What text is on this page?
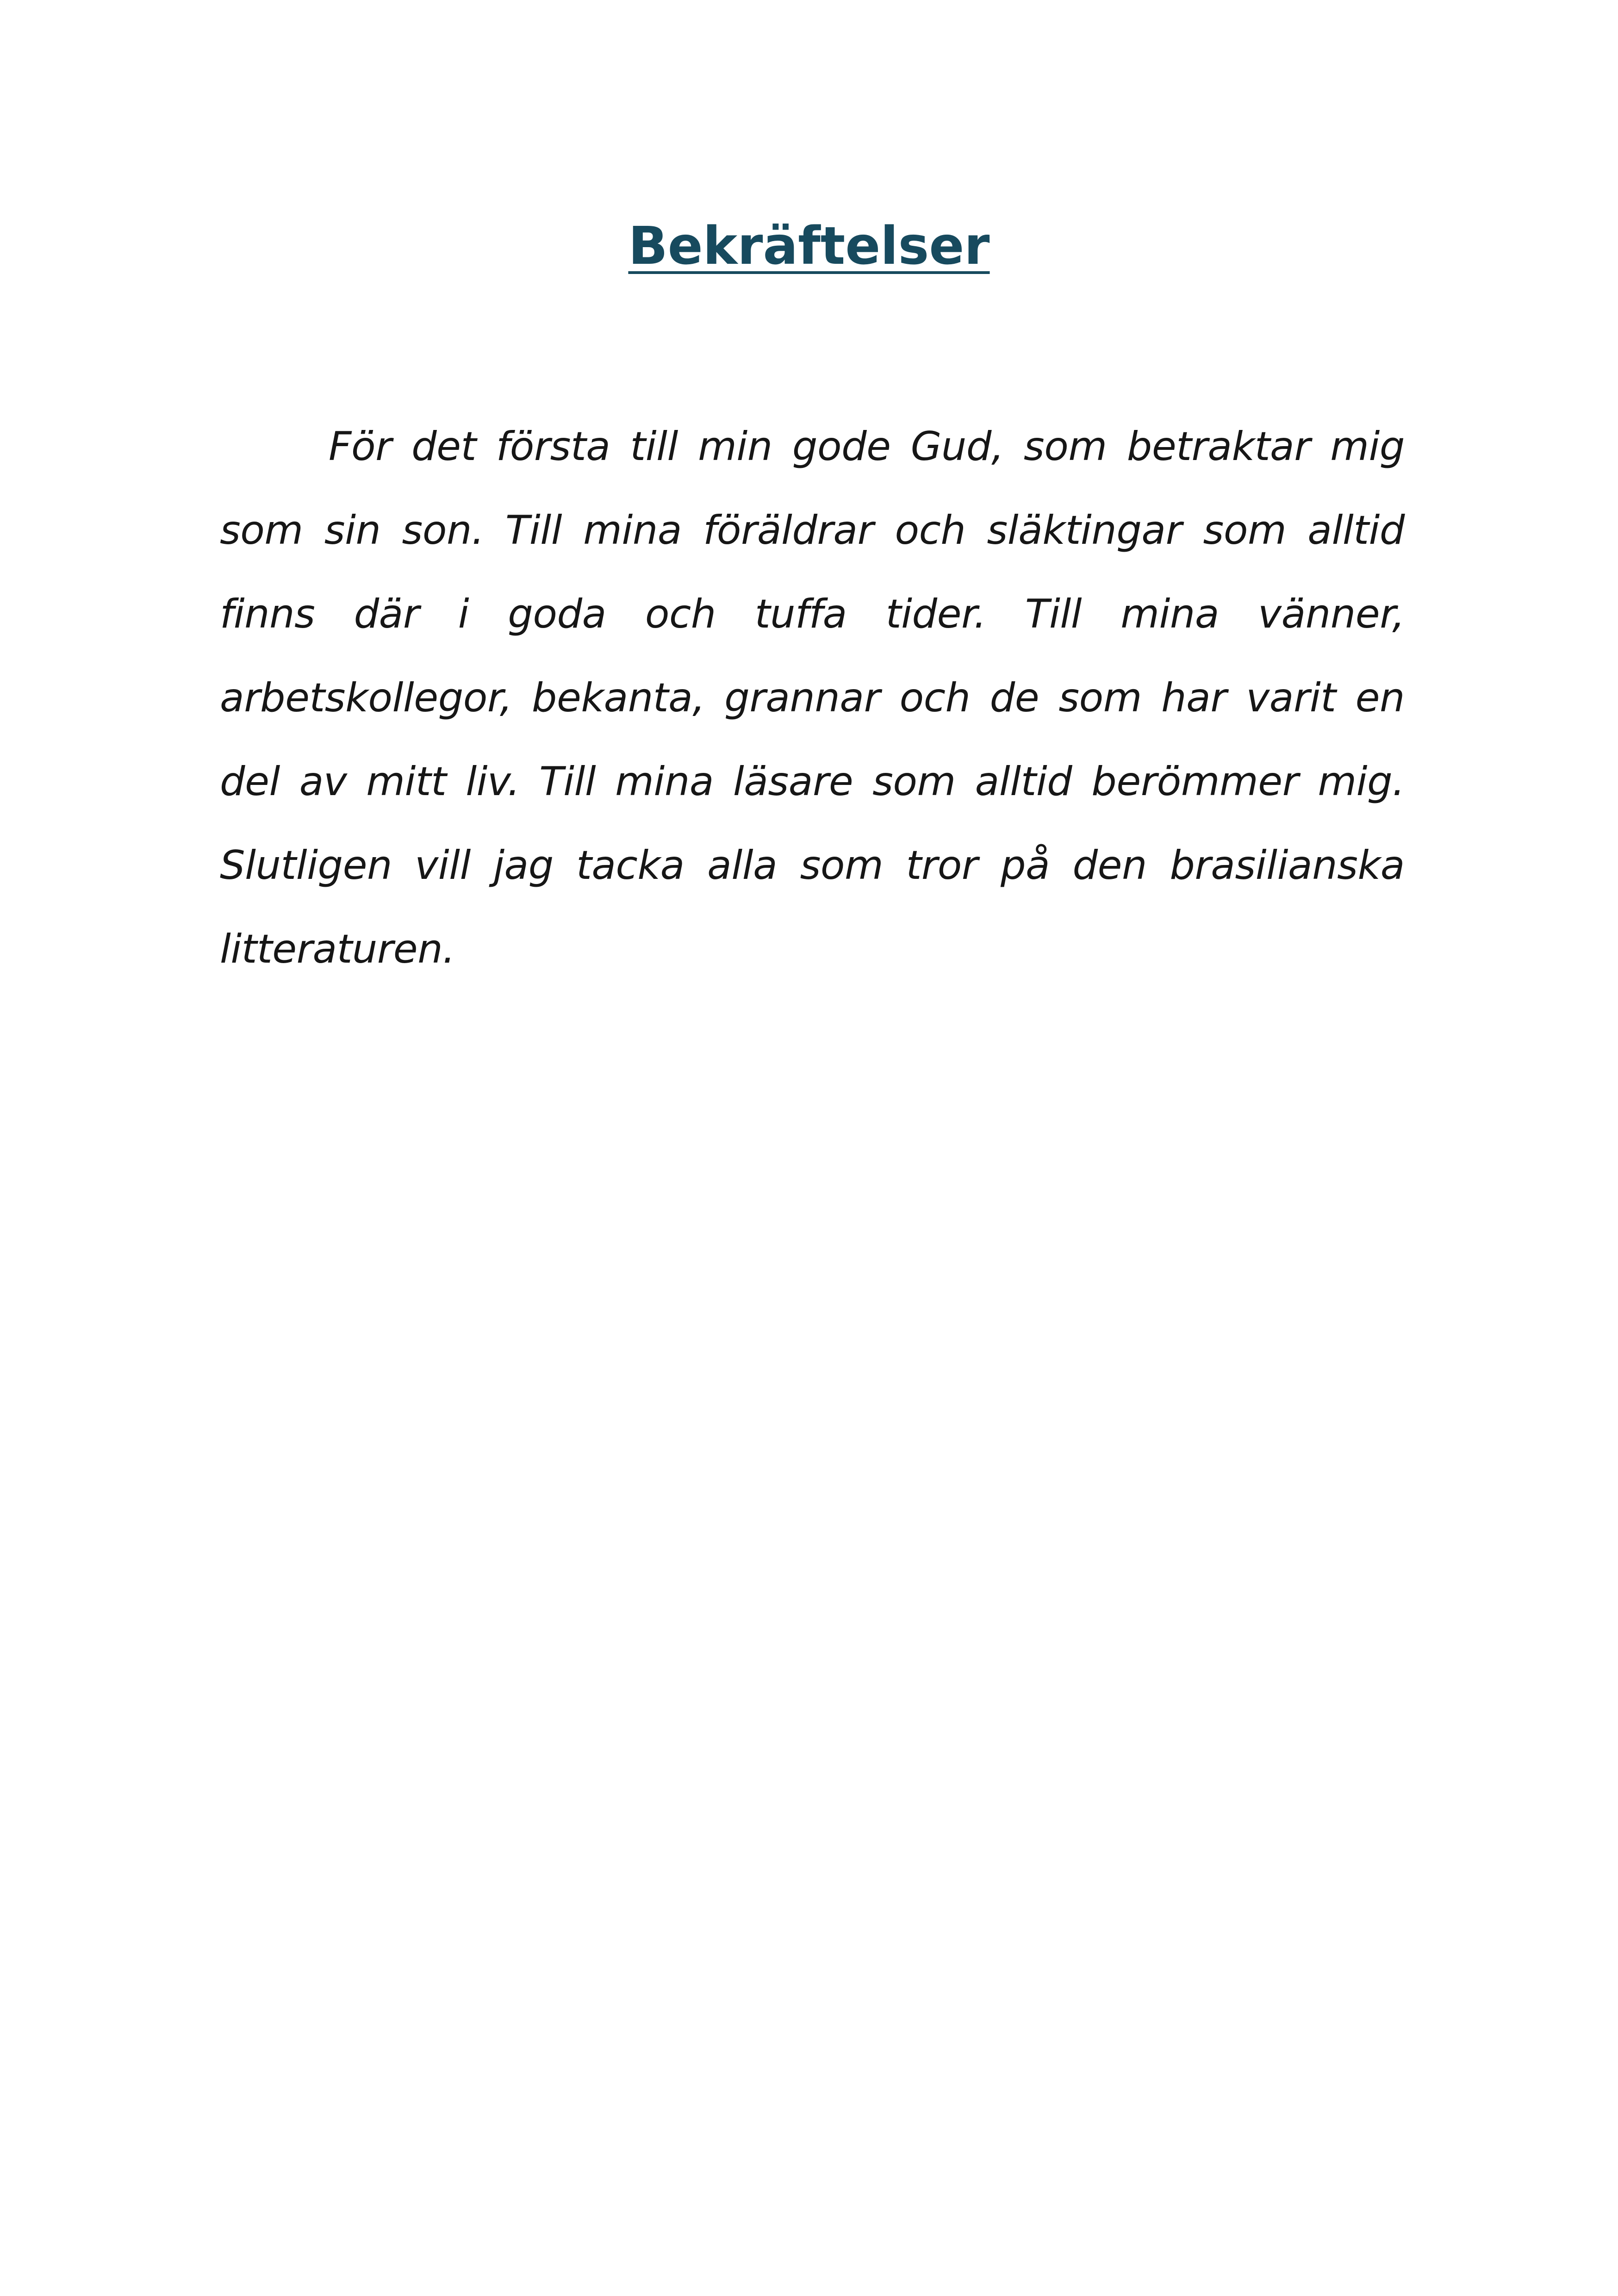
Bekräftelser

För det första till min gode Gud, som betraktar mig som sin son. Till mina föräldrar och släktingar som alltid finns där i goda och tuffa tider. Till mina vänner, arbetskollegor, bekanta, grannar och de som har varit en del av mitt liv. Till mina läsare som alltid berömmer mig. Slutligen vill jag tacka alla som tror på den brasilianska litteraturen.
